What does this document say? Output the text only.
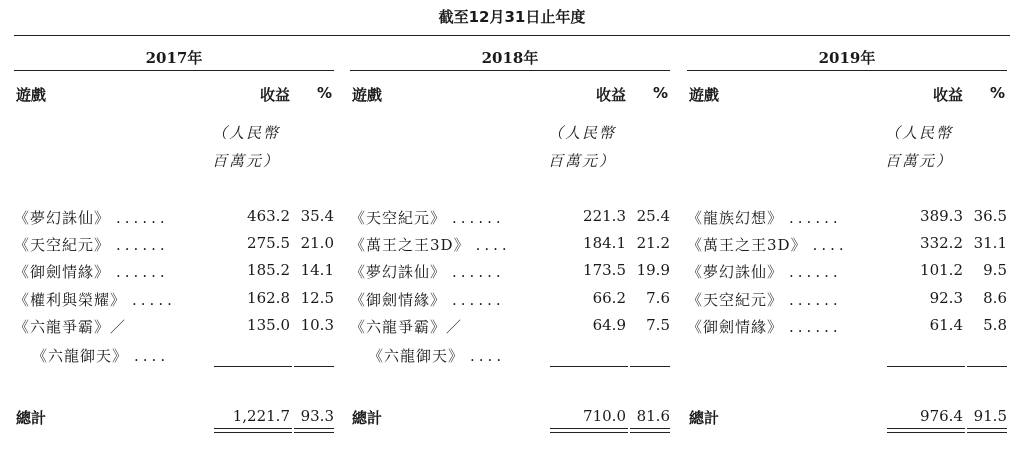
截至12月31日止年度
2017年
遊戲	收益	%
（人民幣
百萬元）
《夢幻誅仙》 ......	463.2 35.4
《天空紀元》 ......	275.5 21.0
《御劍情緣》 ......	185.2 14.1
《權利與榮耀》 .....	162.8 12.5
《六龍爭霸》／	135.0 10.3
《六龍御天》 ....
總計	1,221.7 93.3
2018年
遊戲	收益	%
（人民幣
百萬元）
《天空紀元》 ......	221.3 25.4
《萬王之王3D》 ....	184.1 21.2
《夢幻誅仙》 ......	173.5 19.9
《御劍情緣》 ......	66.2	7.6
《六龍爭霸》／	64.9	7.5
《六龍御天》 ....
總計	710.0 81.6
2019年
遊戲	收益	%
（人民幣
百萬元）
《龍族幻想》 ......	389.3 36.5
《萬王之王3D》 ....	332.2 31.1
《夢幻誅仙》 ......	101.2	9.5
《天空紀元》 ......	92.3	8.6
《御劍情緣》 ......	61.4	5.8
總計	976.4 91.5
